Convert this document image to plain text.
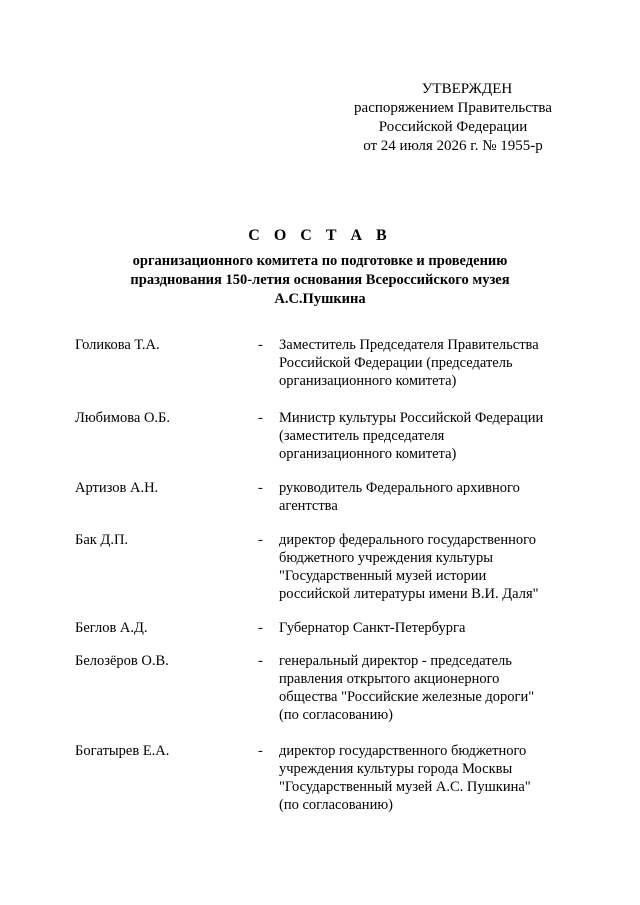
УТВЕРЖДЕН
распоряжением Правительства
Российской Федерации
от 24 июля 2026 г. № 1955-р
С О С Т А В
организационного комитета по подготовке и проведению
празднования 150-летия основания Всероссийского музея
А.С.Пушкина
Голикова Т.А.	-	Заместитель Председателя Правительства
Российской Федерации (председатель
организационного комитета)
Любимова О.Б.	-	Министр культуры Российской Федерации
(заместитель председателя
организационного комитета)
Артизов А.Н.	-	руководитель Федерального архивного
агентства
Бак Д.П.	-	директор федерального государственного
бюджетного учреждения культуры
"Государственный музей истории
российской литературы имени В.И. Даля"
Беглов А.Д.	-	Губернатор Санкт-Петербурга
Белозёров О.В.	-	генеральный директор - председатель
правления открытого акционерного
общества "Российские железные дороги"
(по согласованию)
Богатырев Е.А.	-	директор государственного бюджетного
учреждения культуры города Москвы
"Государственный музей А.С. Пушкина"
(по согласованию)
